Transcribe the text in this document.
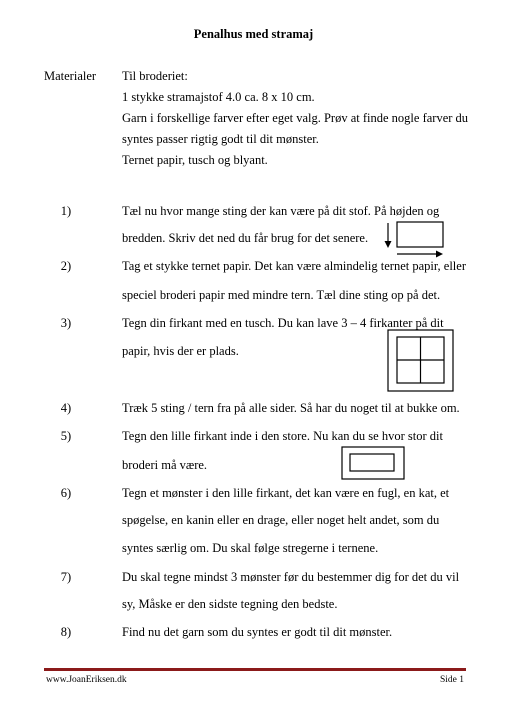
Penalhus med stramaj
Materialer Til broderiet:
1 stykke stramajstof 4.0 ca. 8 x 10 cm.
Garn i forskellige farver efter eget valg. Prøv at finde nogle farver du
syntes passer rigtig godt til dit mønster.
Ternet papir, tusch og blyant.
1)	Tæl nu hvor mange sting der kan være på dit stof. På højden og
bredden. Skriv det ned du får brug for det senere.
2)	Tag et stykke ternet papir. Det kan være almindelig ternet papir, eller
speciel broderi papir med mindre tern. Tæl dine sting op på det.
3)	Tegn din firkant med en tusch. Du kan lave 3 – 4 firkanter på dit
papir, hvis der er plads.
4)	Træk 5 sting / tern fra på alle sider. Så har du noget til at bukke om.
5)	Tegn den lille firkant inde i den store. Nu kan du se hvor stor dit
broderi må være.
6)	Tegn et mønster i den lille firkant, det kan være en fugl, en kat, et
spøgelse, en kanin eller en drage, eller noget helt andet, som du
syntes særlig om. Du skal følge stregerne i ternene.
7)	Du skal tegne mindst 3 mønster før du bestemmer dig for det du vil
sy, Måske er den sidste tegning den bedste.
8)	Find nu det garn som du syntes er godt til dit mønster.
www.JoanEriksen.dk	Side 1
